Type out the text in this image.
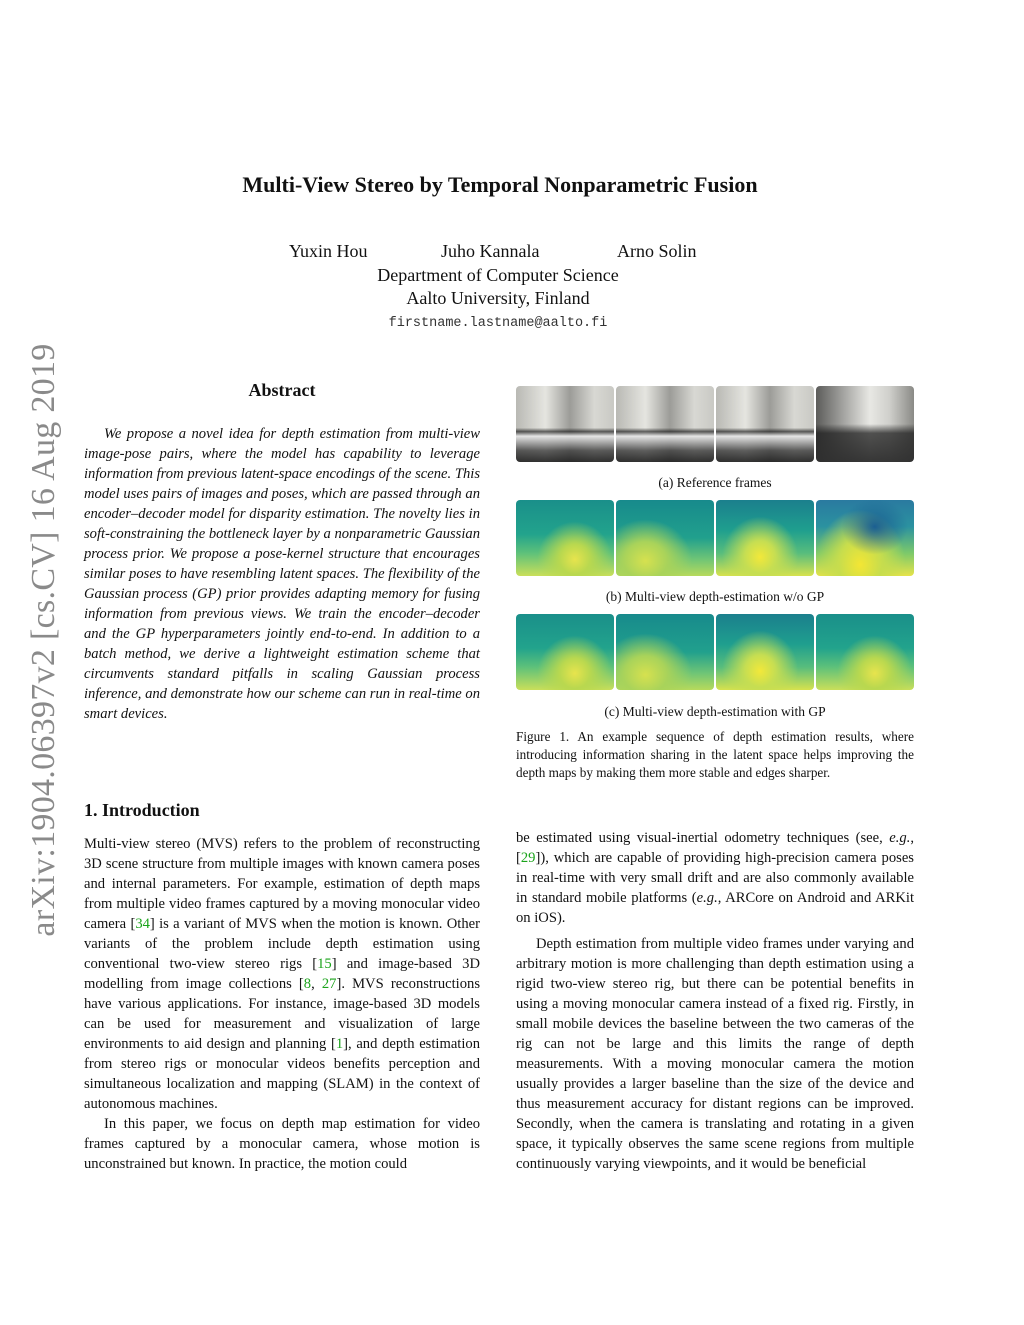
Multi-View Stereo by Temporal Nonparametric Fusion
Yuxin Hou	Juho Kannala	Arno Solin
Department of Computer Science
Aalto University, Finland
firstname.lastname@aalto.fi
arXiv:1904.06397v2 [cs.CV] 16 Aug 2019	Abstract

We propose a novel idea for depth estimation from multi-view image-pose pairs, where the model has capability to leverage information from previous latent-space encodings of the scene. This model uses pairs of images and poses, which are passed through an encoder–decoder model for disparity estimation. The novelty lies in soft-constraining the bottleneck layer by a nonparametric Gaussian process prior. We propose a pose-kernel structure that encourages similar poses to have resembling latent spaces. The flexibility of the Gaussian process (GP) prior provides adapting memory for fusing information from previous views. We train the encoder–decoder and the GP hyperparameters jointly end-to-end. In addition to a batch method, we derive a lightweight estimation scheme that circumvents standard pitfalls in scaling Gaussian process inference, and demonstrate how our scheme can run in real-time on smart devices.

(a) Reference frames
(b) Multi-view depth-estimation w/o GP
(c) Multi-view depth-estimation with GP
Figure 1. An example sequence of depth estimation results, where introducing information sharing in the latent space helps improving the depth maps by making them more stable and edges sharper.
1. Introduction

Multi-view stereo (MVS) refers to the problem of reconstructing 3D scene structure from multiple images with known camera poses and internal parameters. For example, estimation of depth maps from multiple video frames captured by a moving monocular video camera [34] is a variant of MVS when the motion is known. Other variants of the problem include depth estimation using conventional two-view stereo rigs [15] and image-based 3D modelling from image collections [8, 27]. MVS reconstructions have various applications. For instance, image-based 3D models can be used for measurement and visualization of large environments to aid design and planning [1], and depth estimation from stereo rigs or monocular videos benefits perception and simultaneous localization and mapping (SLAM) in the context of autonomous machines.

In this paper, we focus on depth map estimation for video frames captured by a monocular camera, whose motion is unconstrained but known. In practice, the motion could

be estimated using visual-inertial odometry techniques (see, e.g., [29]), which are capable of providing high-precision camera poses in real-time with very small drift and are also commonly available in standard mobile platforms (e.g., ARCore on Android and ARKit on iOS).

Depth estimation from multiple video frames under varying and arbitrary motion is more challenging than depth estimation using a rigid two-view stereo rig, but there can be potential benefits in using a moving monocular camera instead of a fixed rig. Firstly, in small mobile devices the baseline between the two cameras of the rig can not be large and this limits the range of depth measurements. With a moving monocular camera the motion usually provides a larger baseline than the size of the device and thus measurement accuracy for distant regions can be improved. Secondly, when the camera is translating and rotating in a given space, it typically observes the same scene regions from multiple continuously varying viewpoints, and it would be beneficial
